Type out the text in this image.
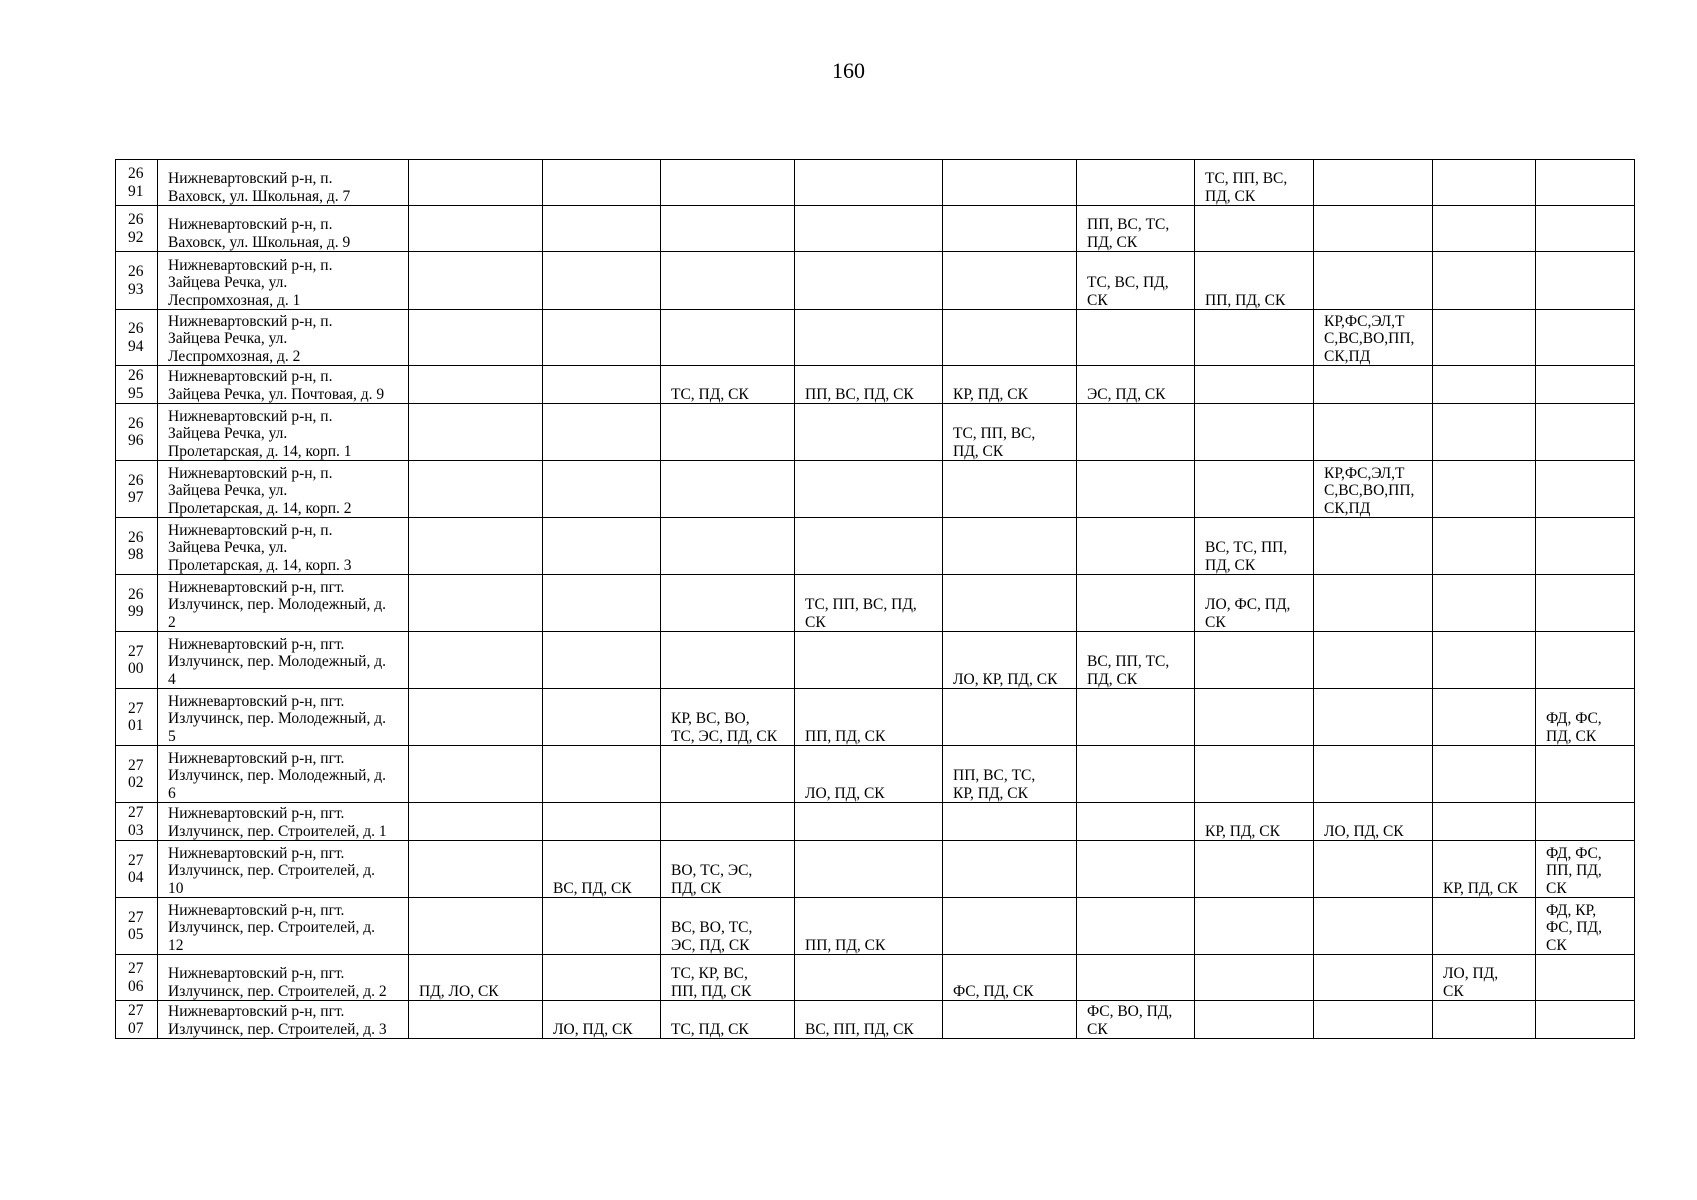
160
26
91	Нижневартовский р-н, п.
Ваховск, ул. Школьная, д. 7							ТС, ПП, ВС,
ПД, СК			
26
92	Нижневартовский р-н, п.
Ваховск, ул. Школьная, д. 9						ПП, ВС, ТС,
ПД, СК				
26
93	Нижневартовский р-н, п.
Зайцева Речка, ул.
Леспромхозная, д. 1						ТС, ВС, ПД,
СК	ПП, ПД, СК			
26
94	Нижневартовский р-н, п.
Зайцева Речка, ул.
Леспромхозная, д. 2								КР,ФС,ЭЛ,Т
С,ВС,ВО,ПП,
СК,ПД		
26
95	Нижневартовский р-н, п.
Зайцева Речка, ул. Почтовая, д. 9			ТС, ПД, СК	ПП, ВС, ПД, СК	КР, ПД, СК	ЭС, ПД, СК				
26
96	Нижневартовский р-н, п.
Зайцева Речка, ул.
Пролетарская, д. 14, корп. 1					ТС, ПП, ВС,
ПД, СК					
26
97	Нижневартовский р-н, п.
Зайцева Речка, ул.
Пролетарская, д. 14, корп. 2								КР,ФС,ЭЛ,Т
С,ВС,ВО,ПП,
СК,ПД		
26
98	Нижневартовский р-н, п.
Зайцева Речка, ул.
Пролетарская, д. 14, корп. 3							ВС, ТС, ПП,
ПД, СК			
26
99	Нижневартовский р-н, пгт.
Излучинск, пер. Молодежный, д.
2				ТС, ПП, ВС, ПД,
СК			ЛО, ФС, ПД,
СК			
27
00	Нижневартовский р-н, пгт.
Излучинск, пер. Молодежный, д.
4					ЛО, КР, ПД, СК	ВС, ПП, ТС,
ПД, СК				
27
01	Нижневартовский р-н, пгт.
Излучинск, пер. Молодежный, д.
5			КР, ВС, ВО,
ТС, ЭС, ПД, СК	ПП, ПД, СК						ФД, ФС,
ПД, СК
27
02	Нижневартовский р-н, пгт.
Излучинск, пер. Молодежный, д.
6				ЛО, ПД, СК	ПП, ВС, ТС,
КР, ПД, СК					
27
03	Нижневартовский р-н, пгт.
Излучинск, пер. Строителей, д. 1							КР, ПД, СК	ЛО, ПД, СК		
27
04	Нижневартовский р-н, пгт.
Излучинск, пер. Строителей, д.
10		ВС, ПД, СК	ВО, ТС, ЭС,
ПД, СК						КР, ПД, СК	ФД, ФС,
ПП, ПД,
СК
27
05	Нижневартовский р-н, пгт.
Излучинск, пер. Строителей, д.
12			ВС, ВО, ТС,
ЭС, ПД, СК	ПП, ПД, СК						ФД, КР,
ФС, ПД,
СК
27
06	Нижневартовский р-н, пгт.
Излучинск, пер. Строителей, д. 2	ПД, ЛО, СК		ТС, КР, ВС,
ПП, ПД, СК		ФС, ПД, СК				ЛО, ПД,
СК	
27
07	Нижневартовский р-н, пгт.
Излучинск, пер. Строителей, д. 3		ЛО, ПД, СК	ТС, ПД, СК	ВС, ПП, ПД, СК		ФС, ВО, ПД,
СК				
